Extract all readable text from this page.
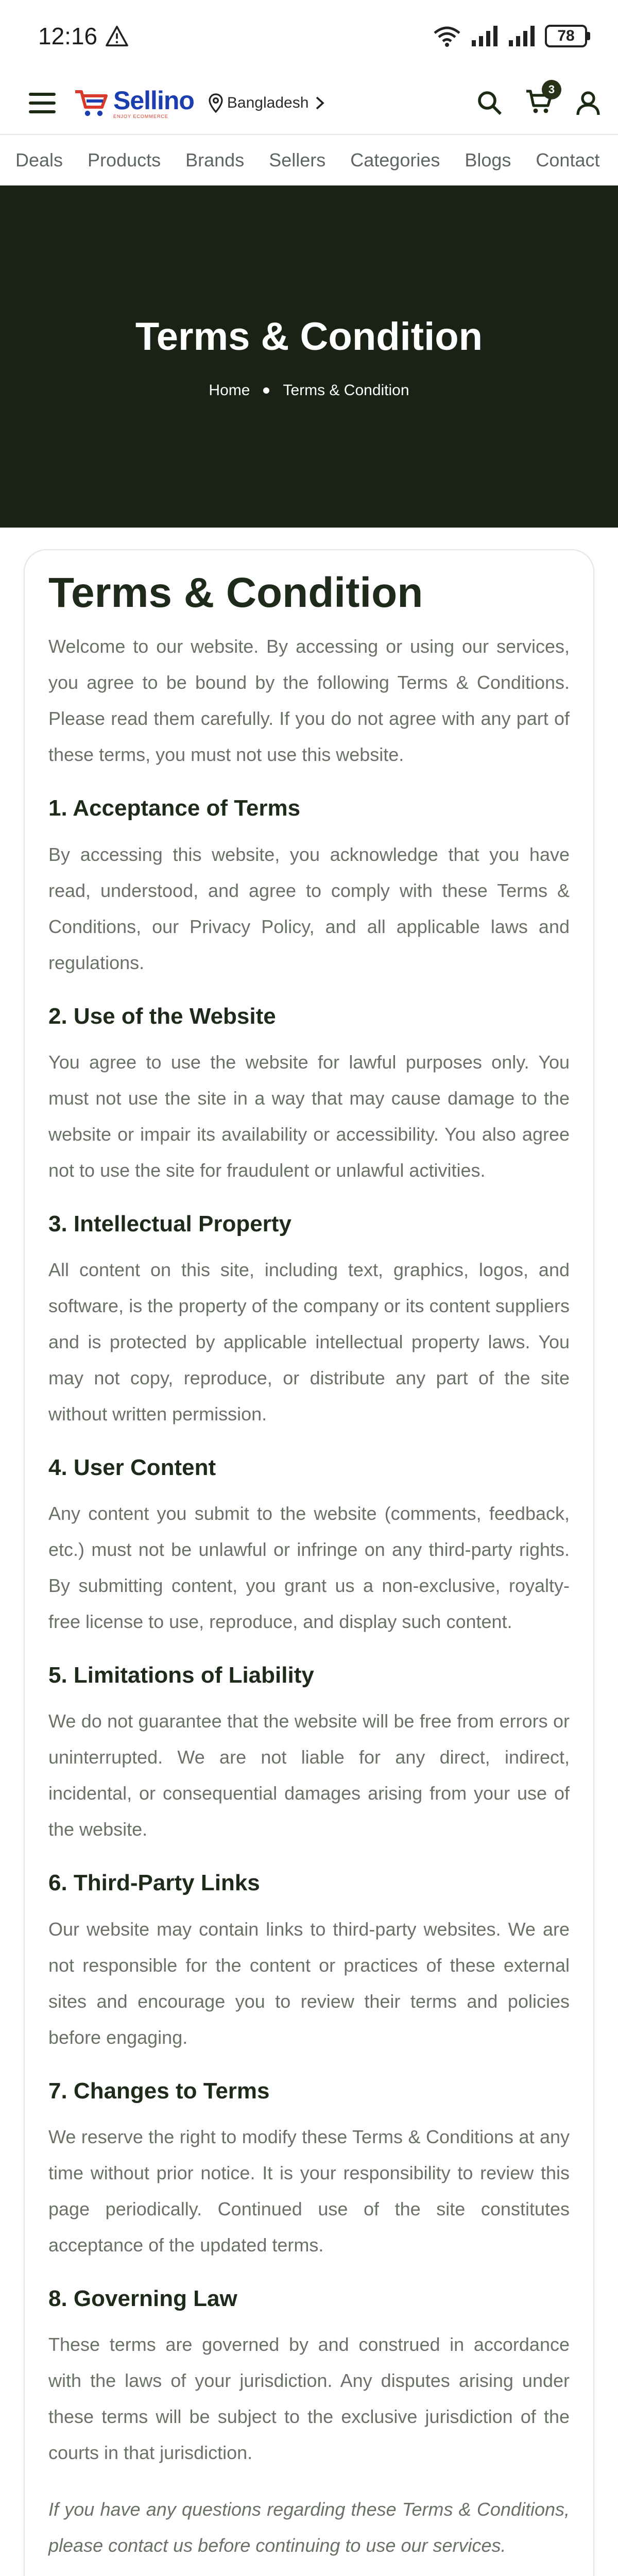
12:16	78
Sellino
ENJOY ECOMMERCE
Bangladesh
3
Deals Products Brands Sellers Categories Blogs Contact
Terms & Condition
Home Terms & Condition
Terms & Condition

Welcome to our website. By accessing or using our services, you agree to be bound by the following Terms & Conditions. Please read them carefully. If you do not agree with any part of these terms, you must not use this website.

1. Acceptance of Terms

By accessing this website, you acknowledge that you have read, understood, and agree to comply with these Terms & Conditions, our Privacy Policy, and all applicable laws and regulations.

2. Use of the Website

You agree to use the website for lawful purposes only. You must not use the site in a way that may cause damage to the website or impair its availability or accessibility. You also agree not to use the site for fraudulent or unlawful activities.

3. Intellectual Property

All content on this site, including text, graphics, logos, and software, is the property of the company or its content suppliers and is protected by applicable intellectual property laws. You may not copy, reproduce, or distribute any part of the site without written permission.

4. User Content

Any content you submit to the website (comments, feedback, etc.) must not be unlawful or infringe on any third-party rights. By submitting content, you grant us a non-exclusive, royalty-free license to use, reproduce, and display such content.

5. Limitations of Liability

We do not guarantee that the website will be free from errors or uninterrupted. We are not liable for any direct, indirect, incidental, or consequential damages arising from your use of the website.

6. Third-Party Links

Our website may contain links to third-party websites. We are not responsible for the content or practices of these external sites and encourage you to review their terms and policies before engaging.

7. Changes to Terms

We reserve the right to modify these Terms & Conditions at any time without prior notice. It is your responsibility to review this page periodically. Continued use of the site constitutes acceptance of the updated terms.

8. Governing Law

These terms are governed by and construed in accordance with the laws of your jurisdiction. Any disputes arising under these terms will be subject to the exclusive jurisdiction of the courts in that jurisdiction.

If you have any questions regarding these Terms & Conditions, please contact us before continuing to use our services.
